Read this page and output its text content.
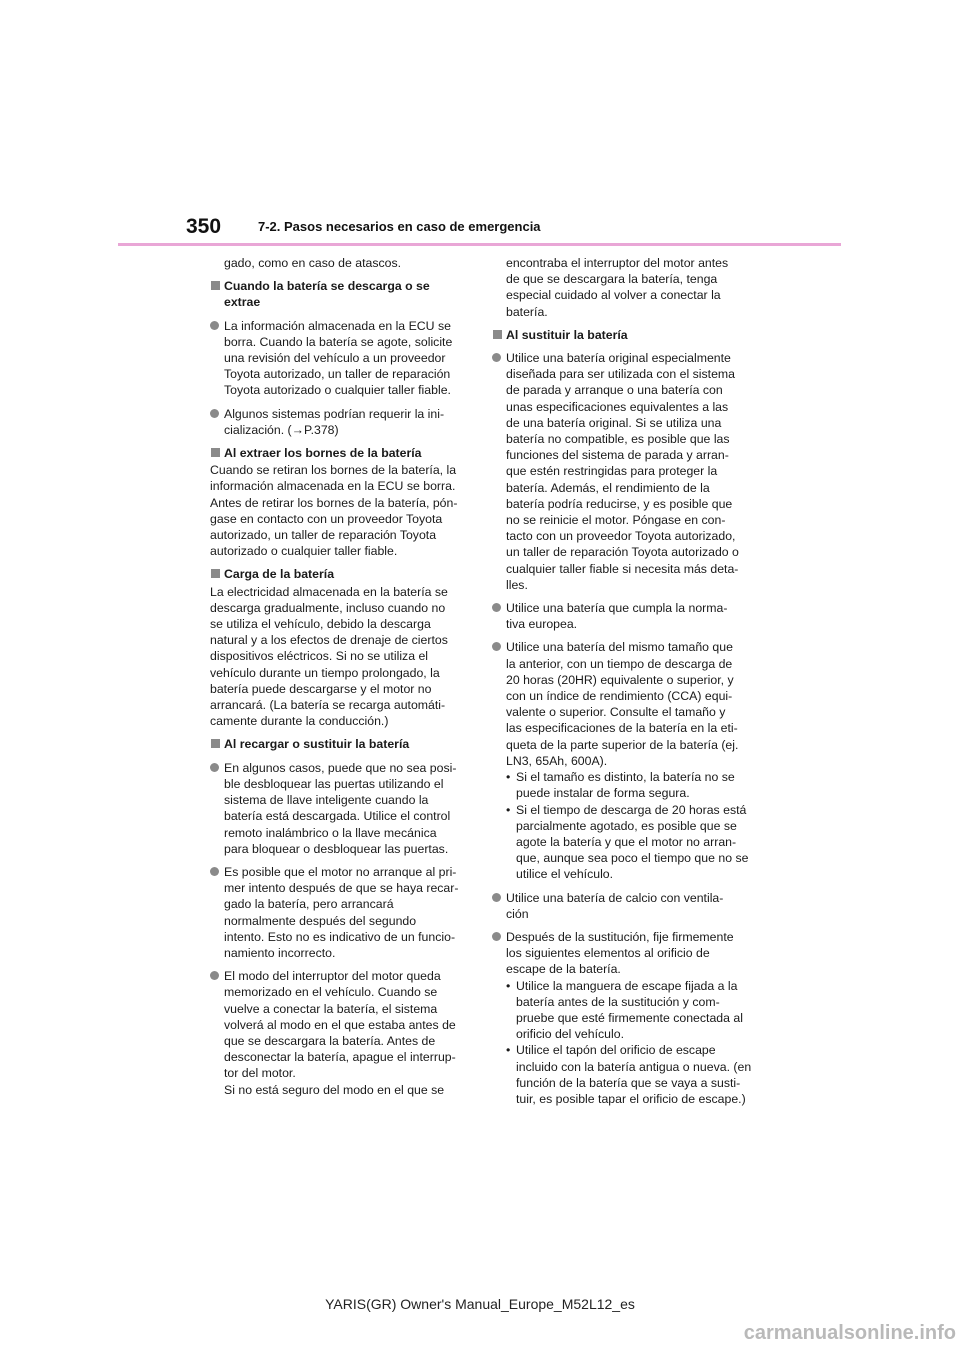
350	7-2. Pasos necesarios en caso de emergencia
gado, como en caso de atascos.
Cuando la batería se descarga o se
extrae
La información almacenada en la ECU se
borra. Cuando la batería se agote, solicite
una revisión del vehículo a un proveedor
Toyota autorizado, un taller de reparación
Toyota autorizado o cualquier taller fiable.
Algunos sistemas podrían requerir la ini-
cialización. (→P.378)
Al extraer los bornes de la batería
Cuando se retiran los bornes de la batería, la
información almacenada en la ECU se borra.
Antes de retirar los bornes de la batería, pón-
gase en contacto con un proveedor Toyota
autorizado, un taller de reparación Toyota
autorizado o cualquier taller fiable.
Carga de la batería
La electricidad almacenada en la batería se
descarga gradualmente, incluso cuando no
se utiliza el vehículo, debido la descarga
natural y a los efectos de drenaje de ciertos
dispositivos eléctricos. Si no se utiliza el
vehículo durante un tiempo prolongado, la
batería puede descargarse y el motor no
arrancará. (La batería se recarga automáti-
camente durante la conducción.)
Al recargar o sustituir la batería
En algunos casos, puede que no sea posi-
ble desbloquear las puertas utilizando el
sistema de llave inteligente cuando la
batería está descargada. Utilice el control
remoto inalámbrico o la llave mecánica
para bloquear o desbloquear las puertas.
Es posible que el motor no arranque al pri-
mer intento después de que se haya recar-
gado la batería, pero arrancará
normalmente después del segundo
intento. Esto no es indicativo de un funcio-
namiento incorrecto.
El modo del interruptor del motor queda
memorizado en el vehículo. Cuando se
vuelve a conectar la batería, el sistema
volverá al modo en el que estaba antes de
que se descargara la batería. Antes de
desconectar la batería, apague el interrup-
tor del motor.
Si no está seguro del modo en el que se
encontraba el interruptor del motor antes
de que se descargara la batería, tenga
especial cuidado al volver a conectar la
batería.
Al sustituir la batería
Utilice una batería original especialmente
diseñada para ser utilizada con el sistema
de parada y arranque o una batería con
unas especificaciones equivalentes a las
de una batería original. Si se utiliza una
batería no compatible, es posible que las
funciones del sistema de parada y arran-
que estén restringidas para proteger la
batería. Además, el rendimiento de la
batería podría reducirse, y es posible que
no se reinicie el motor. Póngase en con-
tacto con un proveedor Toyota autorizado,
un taller de reparación Toyota autorizado o
cualquier taller fiable si necesita más deta-
lles.
Utilice una batería que cumpla la norma-
tiva europea.
Utilice una batería del mismo tamaño que
la anterior, con un tiempo de descarga de
20 horas (20HR) equivalente o superior, y
con un índice de rendimiento (CCA) equi-
valente o superior. Consulte el tamaño y
las especificaciones de la batería en la eti-
queta de la parte superior de la batería (ej.
LN3, 65Ah, 600A).
• Si el tamaño es distinto, la batería no se
puede instalar de forma segura.
• Si el tiempo de descarga de 20 horas está
parcialmente agotado, es posible que se
agote la batería y que el motor no arran-
que, aunque sea poco el tiempo que no se
utilice el vehículo.
Utilice una batería de calcio con ventila-
ción
Después de la sustitución, fije firmemente
los siguientes elementos al orificio de
escape de la batería.
• Utilice la manguera de escape fijada a la
batería antes de la sustitución y com-
pruebe que esté firmemente conectada al
orificio del vehículo.
• Utilice el tapón del orificio de escape
incluido con la batería antigua o nueva. (en
función de la batería que se vaya a susti-
tuir, es posible tapar el orificio de escape.)
YARIS(GR) Owner's Manual_Europe_M52L12_es
carmanualsonline.info
